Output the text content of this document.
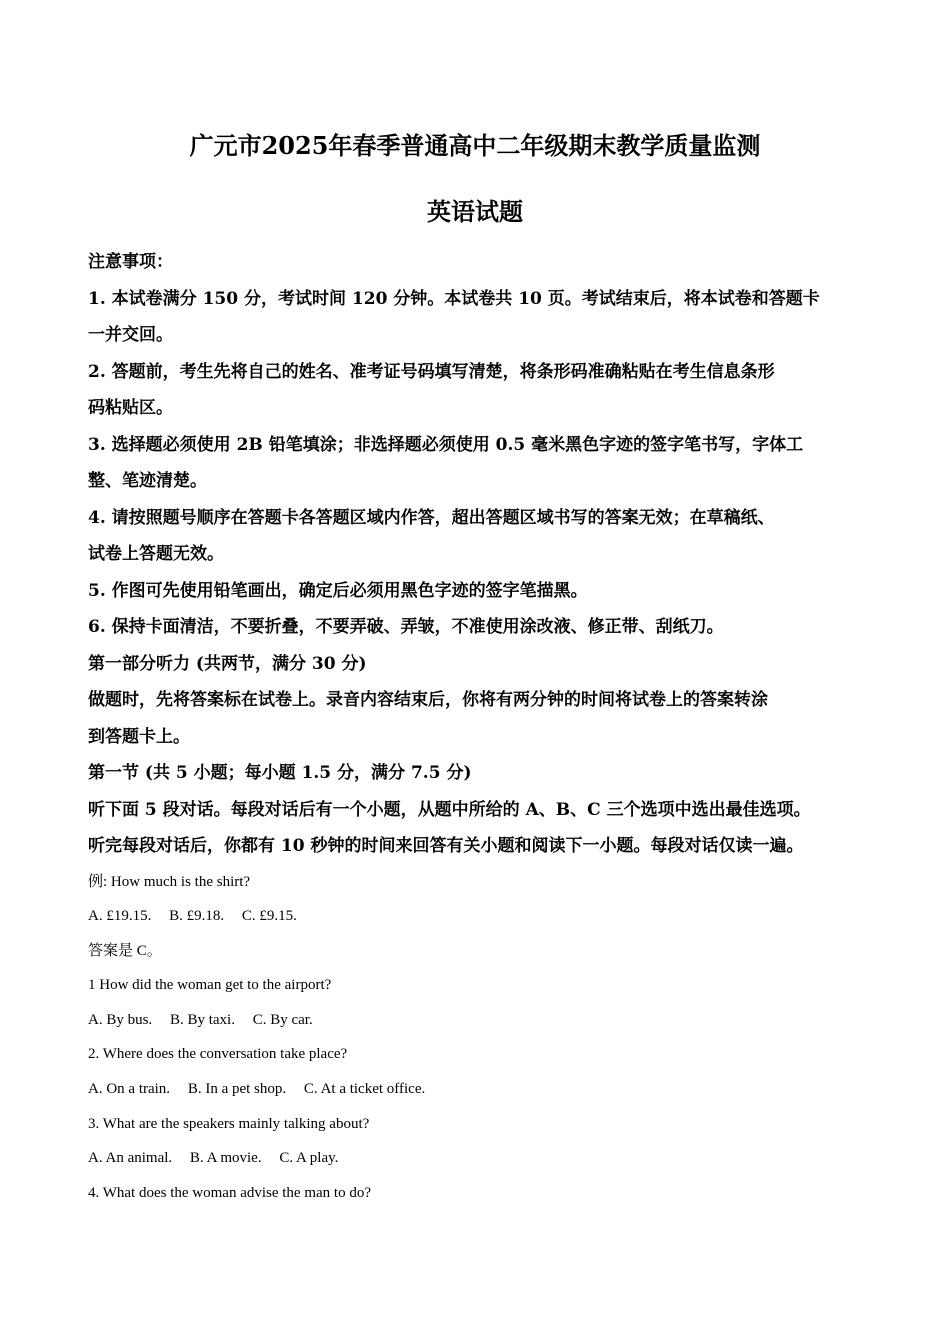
广元市2025年春季普通高中二年级期末教学质量监测
英语试题

注意事项：

1. 本试卷满分 150 分，考试时间 120 分钟。本试卷共 10 页。考试结束后，将本试卷和答题卡

一并交回。

2. 答题前，考生先将自己的姓名、准考证号码填写清楚，将条形码准确粘贴在考生信息条形

码粘贴区。

3. 选择题必须使用 2B 铅笔填涂；非选择题必须使用 0.5 毫米黑色字迹的签字笔书写，字体工

整、笔迹清楚。

4. 请按照题号顺序在答题卡各答题区域内作答，超出答题区域书写的答案无效；在草稿纸、

试卷上答题无效。

5. 作图可先使用铅笔画出，确定后必须用黑色字迹的签字笔描黑。

6. 保持卡面清洁，不要折叠，不要弄破、弄皱，不准使用涂改液、修正带、刮纸刀。

第一部分听力 (共两节，满分 30 分)

做题时，先将答案标在试卷上。录音内容结束后，你将有两分钟的时间将试卷上的答案转涂

到答题卡上。

第一节 (共 5 小题；每小题 1.5 分，满分 7.5 分)

听下面 5 段对话。每段对话后有一个小题，从题中所给的 A、B、C 三个选项中选出最佳选项。

听完每段对话后，你都有 10 秒钟的时间来回答有关小题和阅读下一小题。每段对话仅读一遍。

例: How much is the shirt?

A. £19.15. B. £9.18. C. £9.15.

答案是 C。

1 How did the woman get to the airport?

A. By bus. B. By taxi. C. By car.

2. Where does the conversation take place?

A. On a train. B. In a pet shop. C. At a ticket office.

3. What are the speakers mainly talking about?

A. An animal. B. A movie. C. A play.

4. What does the woman advise the man to do?
